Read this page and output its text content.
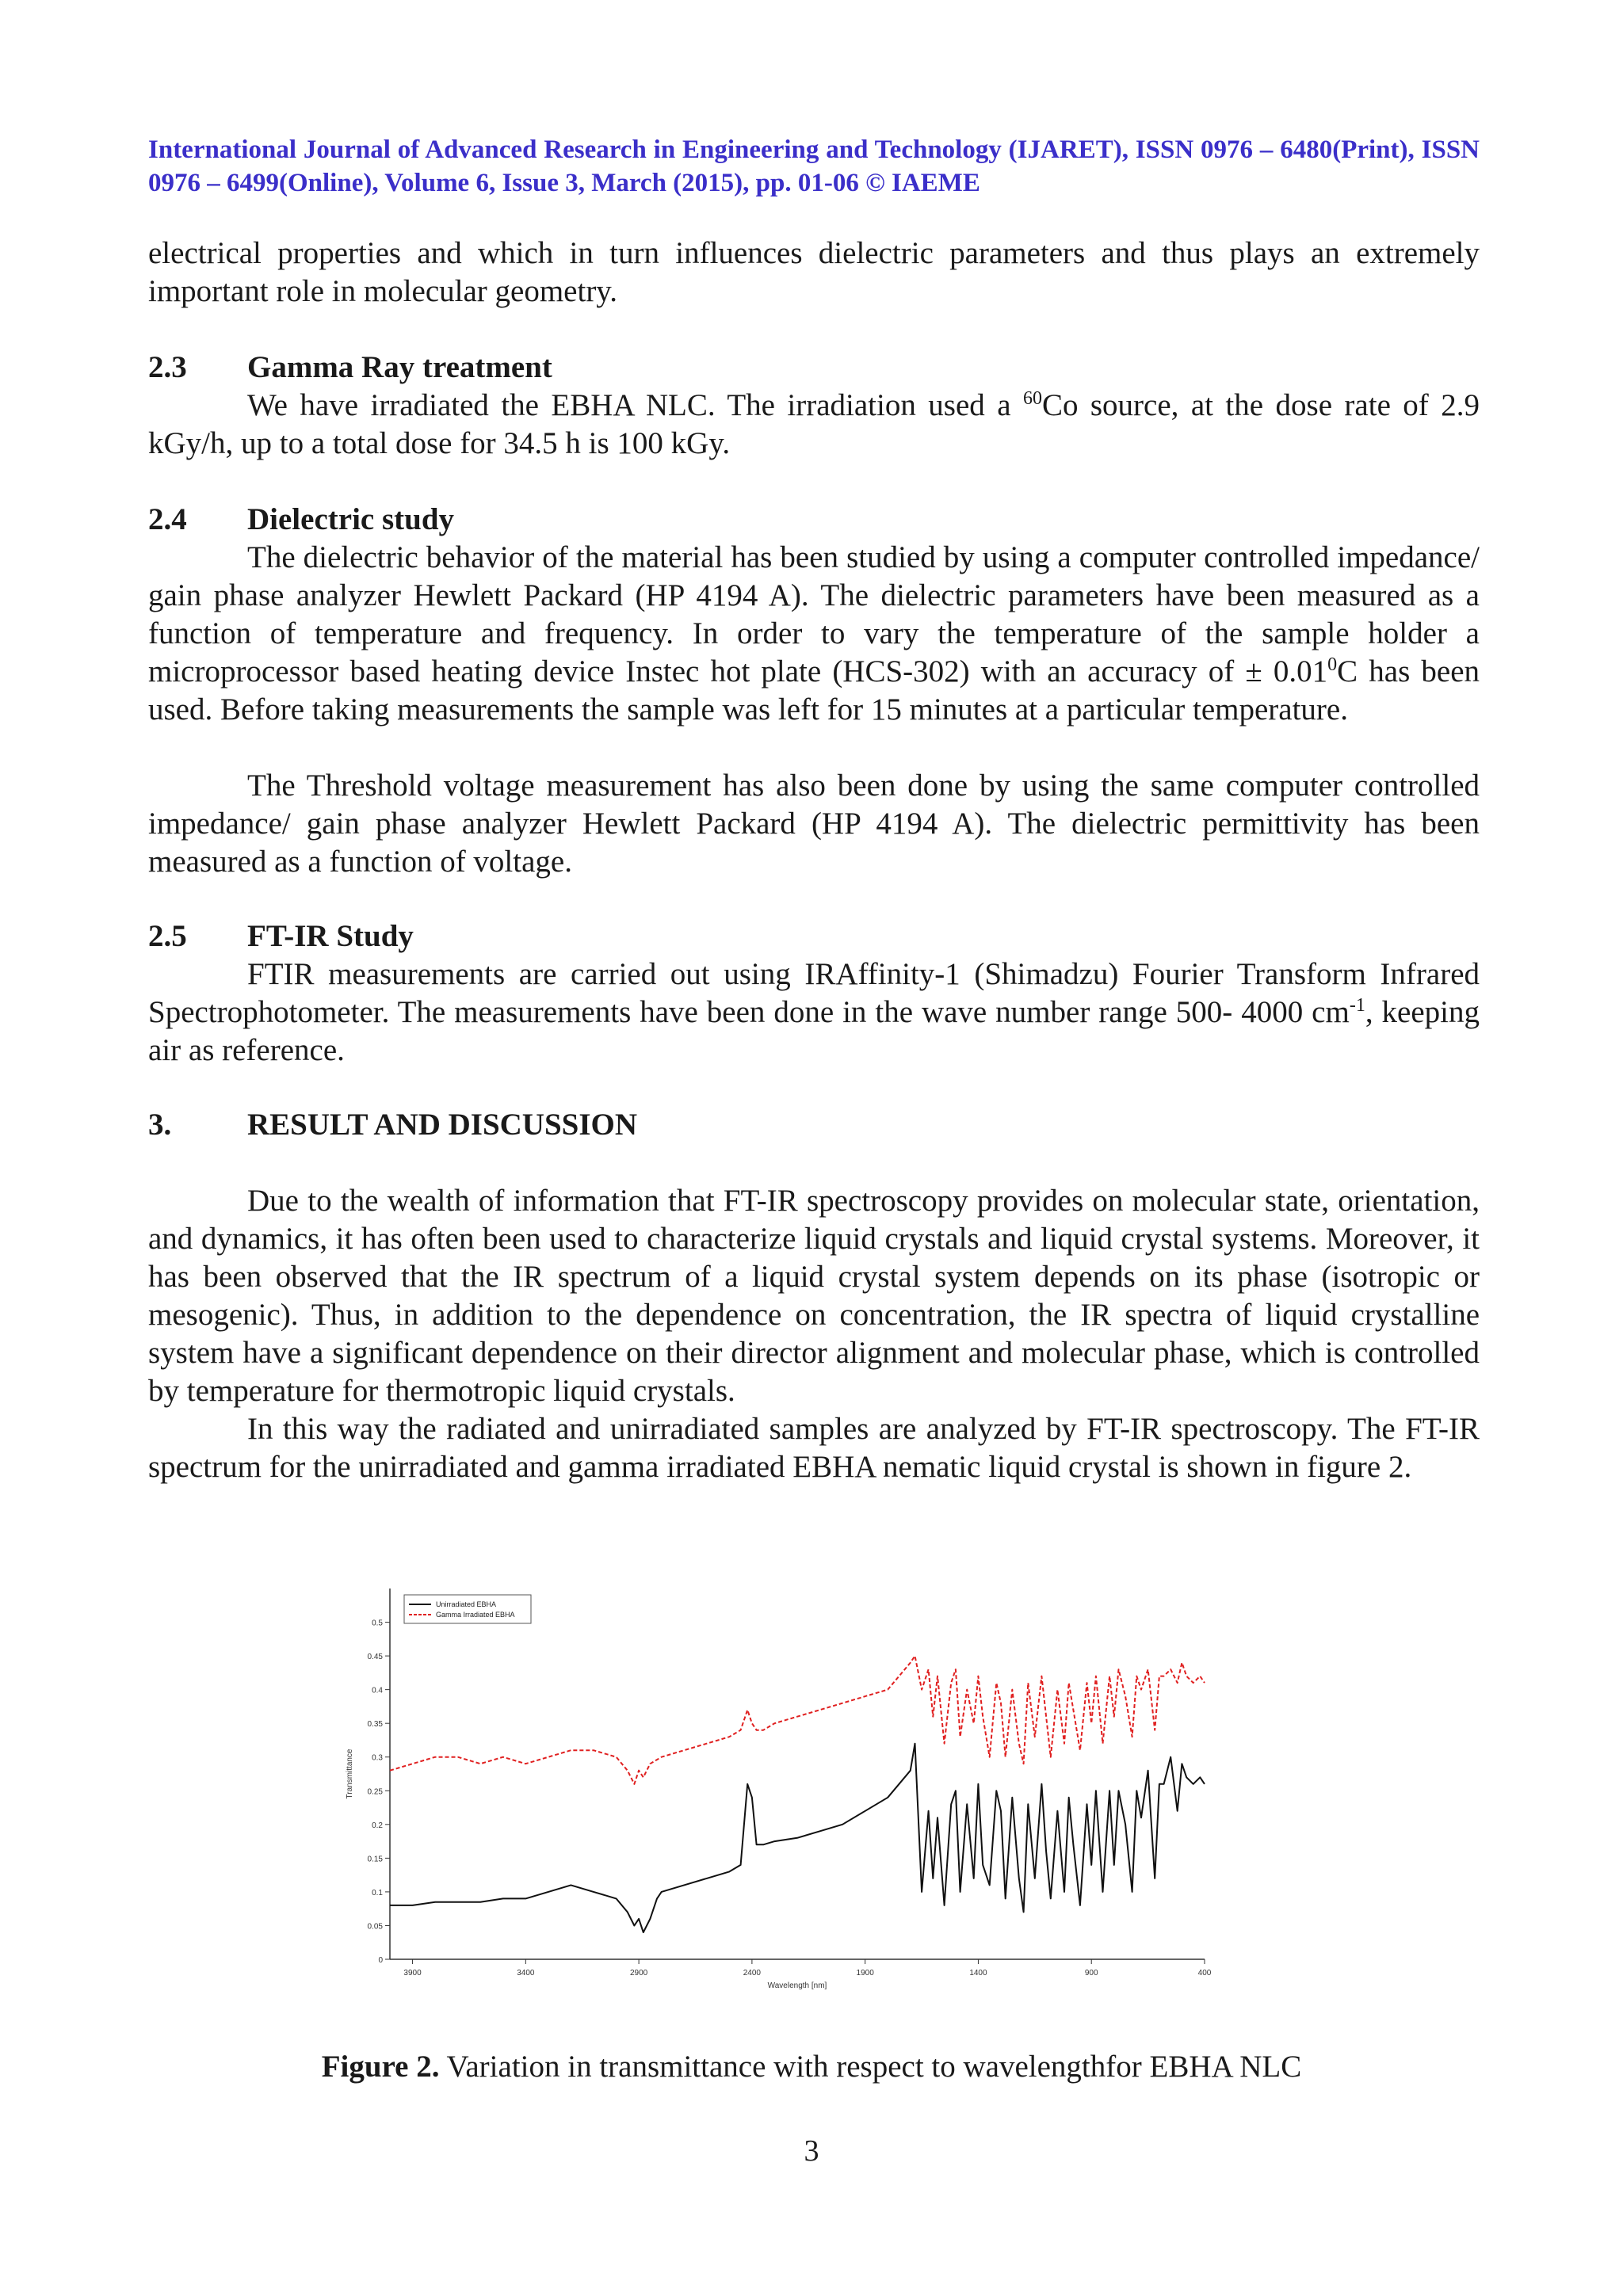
International Journal of Advanced Research in Engineering and Technology (IJARET), ISSN 0976 – 6480(Print), ISSN 0976 – 6499(Online), Volume 6, Issue 3, March (2015), pp. 01-06 © IAEME
electrical properties and which in turn influences dielectric parameters and thus plays an extremely important role in molecular geometry.
2.3 Gamma Ray treatment
We have irradiated the EBHA NLC. The irradiation used a $^{60}$Co source, at the dose rate of 2.9 kGy/h, up to a total dose for 34.5 h is 100 kGy.
2.4 Dielectric study
The dielectric behavior of the material has been studied by using a computer controlled impedance/ gain phase analyzer Hewlett Packard (HP 4194 A). The dielectric parameters have been measured as a function of temperature and frequency. In order to vary the temperature of the sample holder a microprocessor based heating device Instec hot plate (HCS-302) with an accuracy of ± $0.01^0C$ has been used. Before taking measurements the sample was left for 15 minutes at a particular temperature.
The Threshold voltage measurement has also been done by using the same computer controlled impedance/ gain phase analyzer Hewlett Packard (HP 4194 A). The dielectric permittivity has been measured as a function of voltage.
2.5 FT-IR Study
FTIR measurements are carried out using IRAffinity-1 (Shimadzu) Fourier Transform Infrared Spectrophotometer. The measurements have been done in the wave number range 500- 4000 $cm^{-1}$, keeping air as reference.
3. RESULT AND DISCUSSION
Due to the wealth of information that FT-IR spectroscopy provides on molecular state, orientation, and dynamics, it has often been used to characterize liquid crystals and liquid crystal systems. Moreover, it has been observed that the IR spectrum of a liquid crystal system depends on its phase (isotropic or mesogenic). Thus, in addition to the dependence on concentration, the IR spectra of liquid crystalline system have a significant dependence on their director alignment and molecular phase, which is controlled by temperature for thermotropic liquid crystals.
In this way the radiated and unirradiated samples are analyzed by FT-IR spectroscopy. The FT-IR spectrum for the unirradiated and gamma irradiated EBHA nematic liquid crystal is shown in figure 2.
0
0.05
0.1
0.15
0.2
0.25
0.3
0.35
0.4
0.45
0.5
3900	3400	2900	2400	1900	1400	900	400
Wavelength [nm]
Transmittance
Unirradiated EBHA
Gamma Irradiated EBHA
Figure 2. Variation in transmittance with respect to wavelengthfor EBHA NLC
3
